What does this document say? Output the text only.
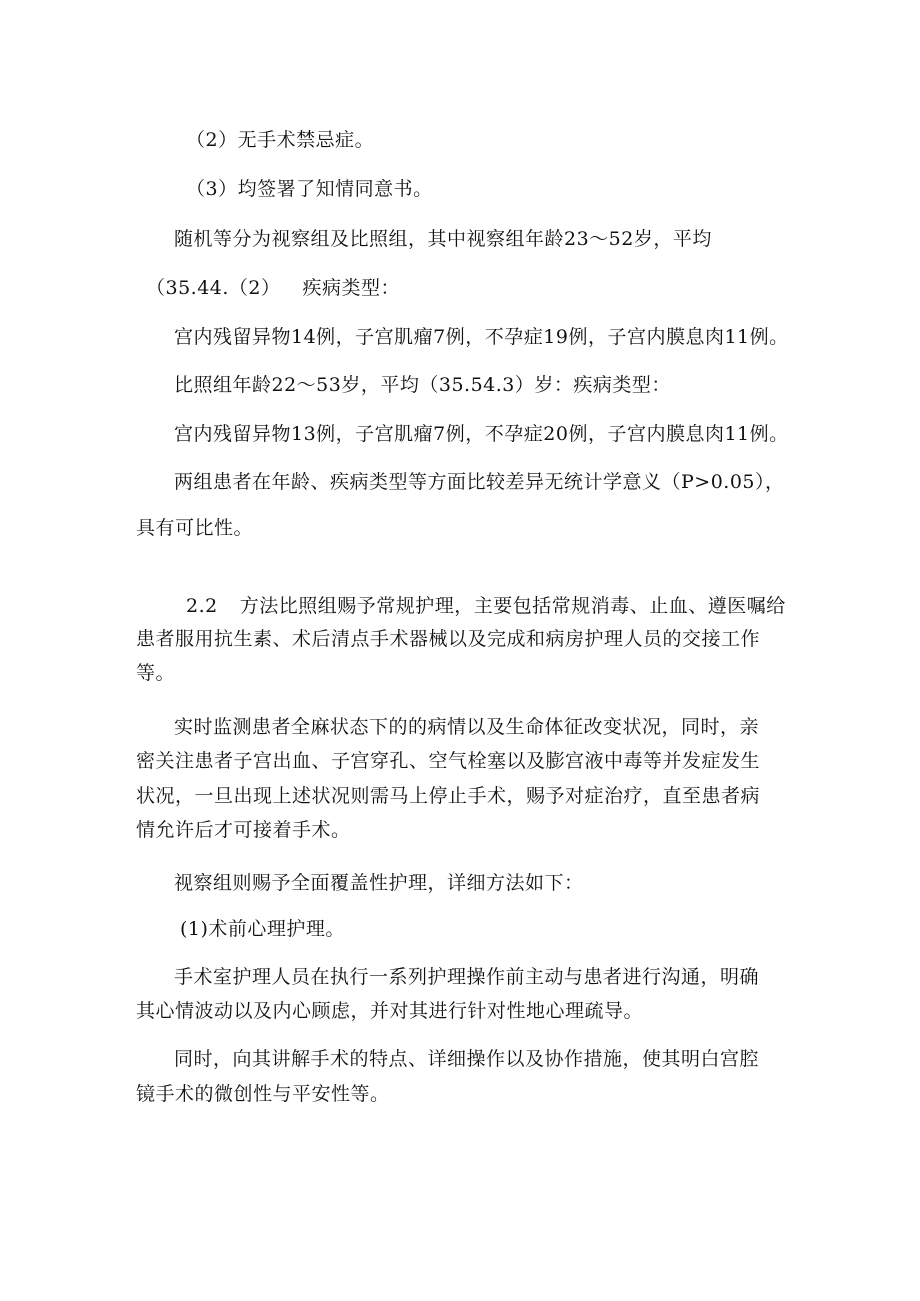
（2）无手术禁忌症。
（3）均签署了知情同意书。
随机等分为视察组及比照组，其中视察组年龄23～52岁，平均
（35.44.（2） 疾病类型：
宫内残留异物14例，子宫肌瘤7例，不孕症19例，子宫内膜息肉11例。
比照组年龄22～53岁，平均（35.54.3）岁：疾病类型：
宫内残留异物13例，子宫肌瘤7例，不孕症20例，子宫内膜息肉11例。
两组患者在年龄、疾病类型等方面比较差异无统计学意义（P>0.05），
具有可比性。
2.2 方法比照组赐予常规护理，主要包括常规消毒、止血、遵医嘱给
患者服用抗生素、术后清点手术器械以及完成和病房护理人员的交接工作
等。
实时监测患者全麻状态下的的病情以及生命体征改变状况，同时，亲
密关注患者子宫出血、子宫穿孔、空气栓塞以及膨宫液中毒等并发症发生
状况，一旦出现上述状况则需马上停止手术，赐予对症治疗，直至患者病
情允许后才可接着手术。
视察组则赐予全面覆盖性护理，详细方法如下：
(1)术前心理护理。
手术室护理人员在执行一系列护理操作前主动与患者进行沟通，明确
其心情波动以及内心顾虑，并对其进行针对性地心理疏导。
同时，向其讲解手术的特点、详细操作以及协作措施，使其明白宫腔
镜手术的微创性与平安性等。
